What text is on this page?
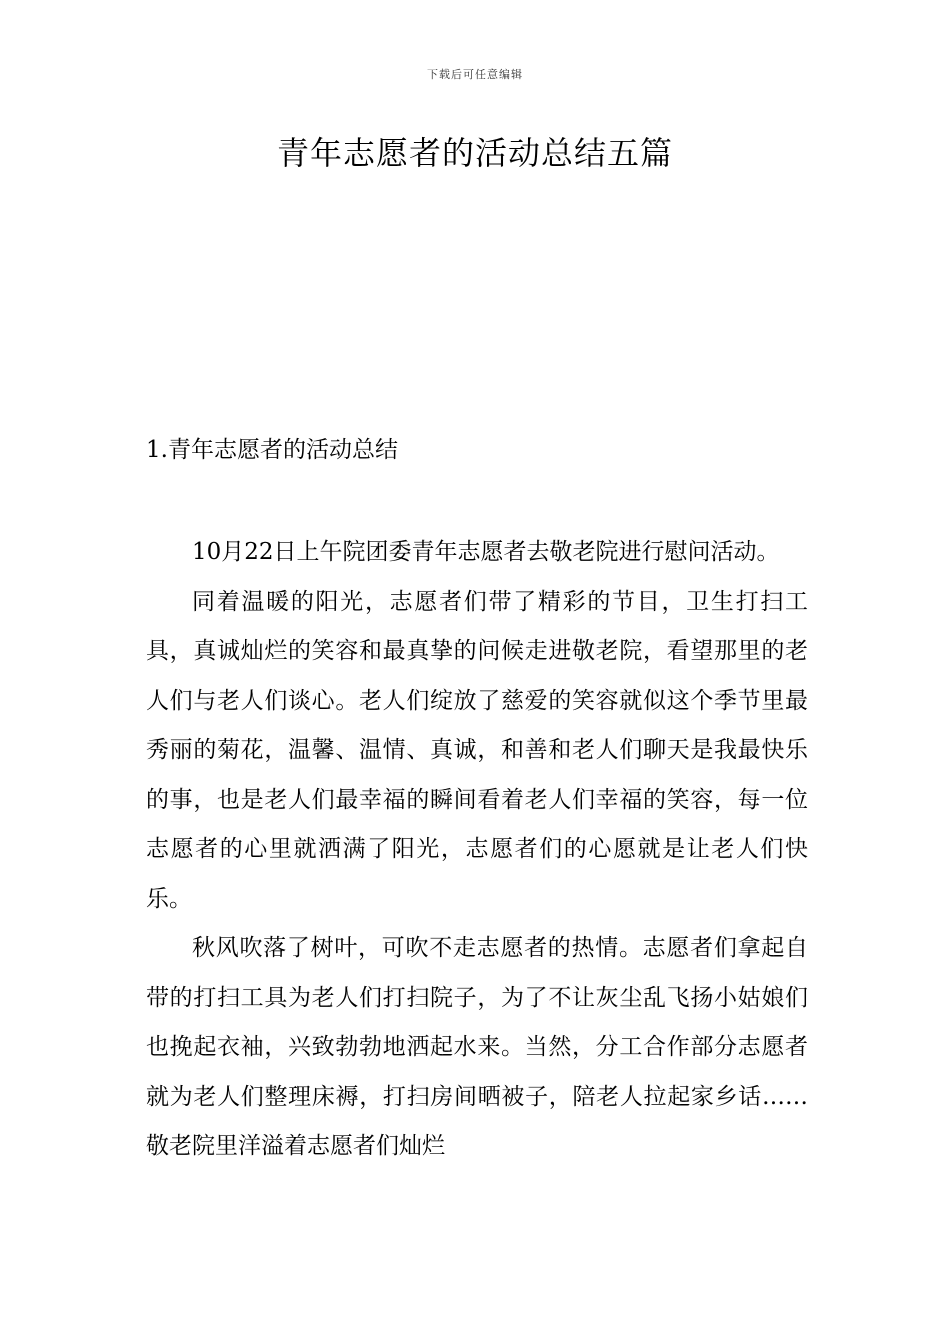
下载后可任意编辑
青年志愿者的活动总结五篇
1.青年志愿者的活动总结

10月22日上午院团委青年志愿者去敬老院进行慰问活动。

同着温暖的阳光，志愿者们带了精彩的节目，卫生打扫工具，真诚灿烂的笑容和最真挚的问候走进敬老院，看望那里的老人们与老人们谈心。老人们绽放了慈爱的笑容就似这个季节里最秀丽的菊花，温馨、温情、真诚，和善和老人们聊天是我最快乐的事，也是老人们最幸福的瞬间看着老人们幸福的笑容，每一位志愿者的心里就洒满了阳光，志愿者们的心愿就是让老人们快乐。

秋风吹落了树叶，可吹不走志愿者的热情。志愿者们拿起自带的打扫工具为老人们打扫院子，为了不让灰尘乱飞扬小姑娘们也挽起衣袖，兴致勃勃地洒起水来。当然，分工合作部分志愿者就为老人们整理床褥，打扫房间晒被子，陪老人拉起家乡话……敬老院里洋溢着志愿者们灿烂
